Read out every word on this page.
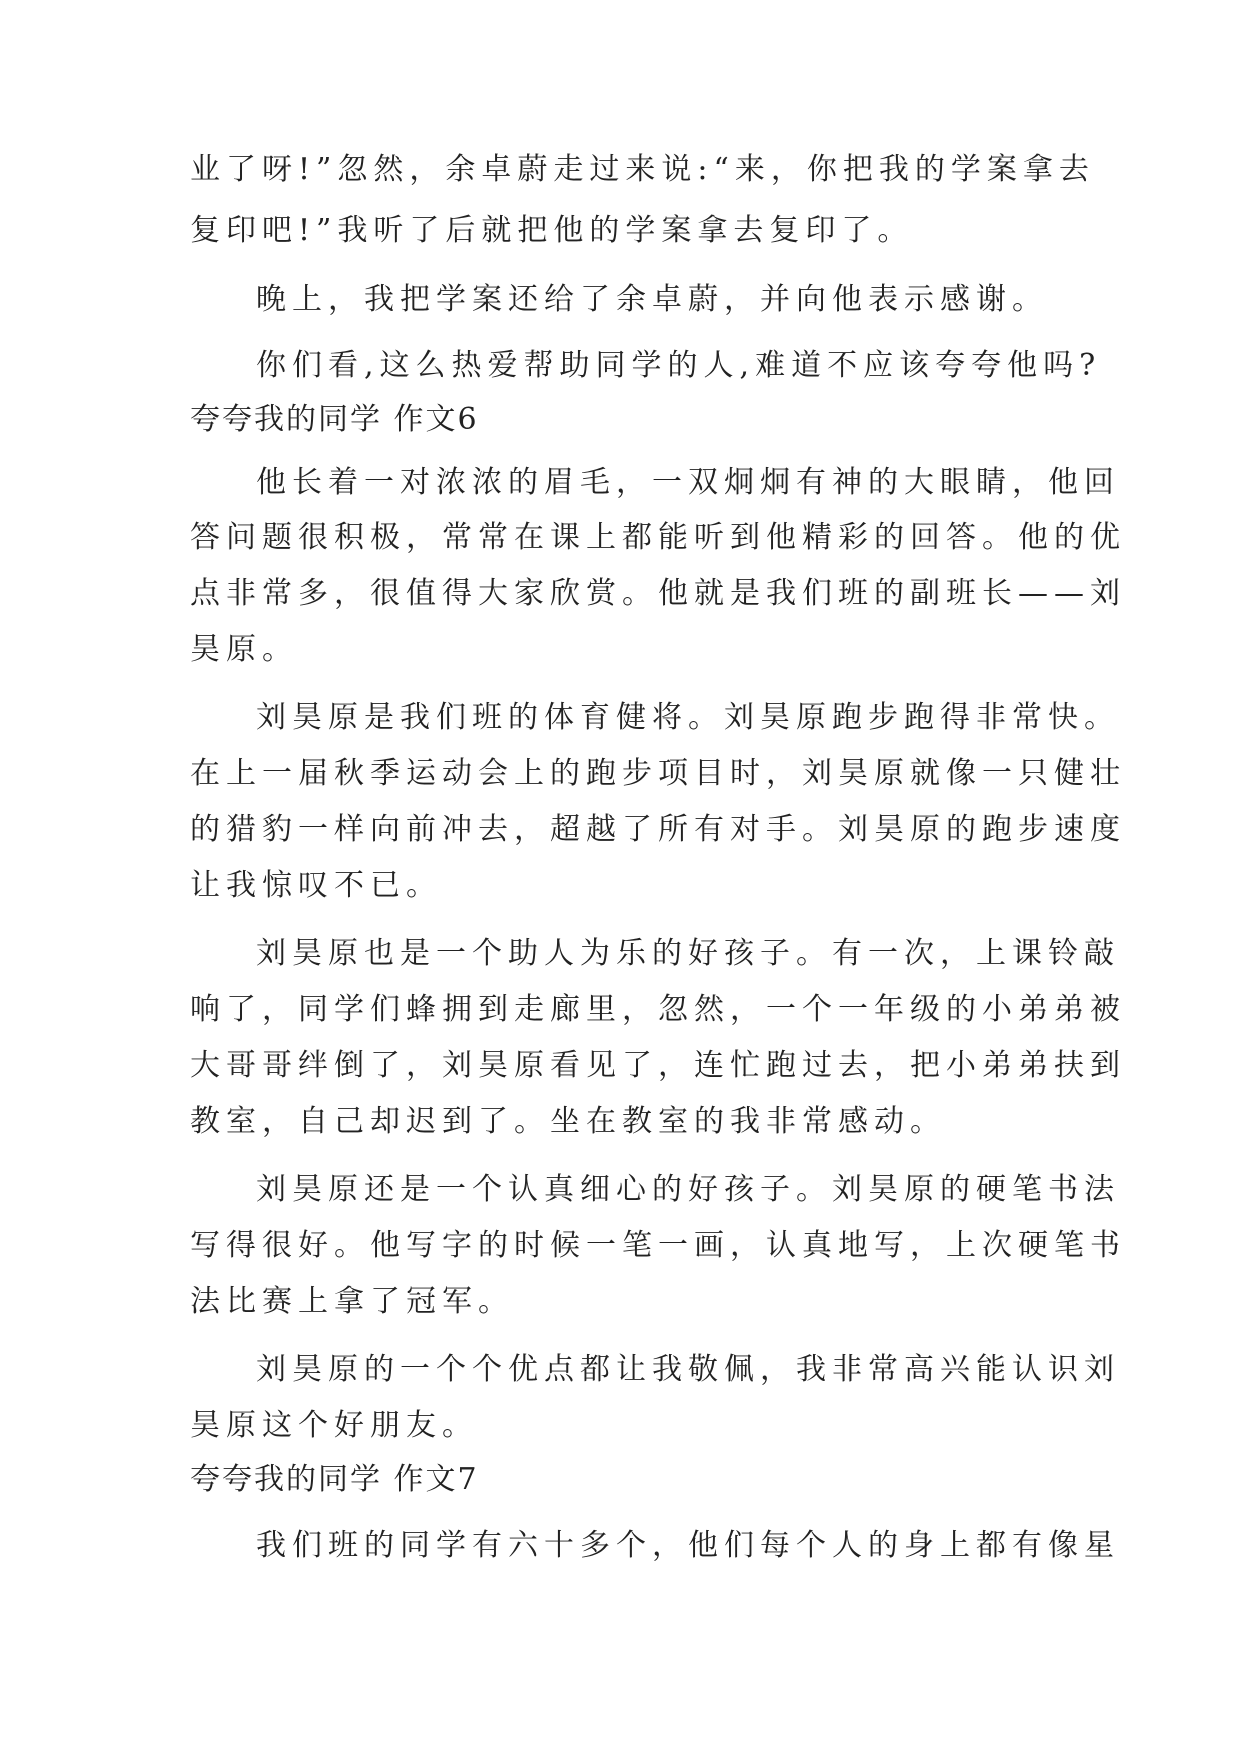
业了呀!”忽然，余卓蔚走过来说:“来，你把我的学案拿去
复印吧!”我听了后就把他的学案拿去复印了。
晚上，我把学案还给了余卓蔚，并向他表示感谢。
你们看,这么热爱帮助同学的人,难道不应该夸夸他吗?
夸夸我的同学 作文6
他长着一对浓浓的眉毛，一双炯炯有神的大眼睛，他回
答问题很积极，常常在课上都能听到他精彩的回答。他的优
点非常多，很值得大家欣赏。他就是我们班的副班长——刘
昊原。
刘昊原是我们班的体育健将。刘昊原跑步跑得非常快。
在上一届秋季运动会上的跑步项目时，刘昊原就像一只健壮
的猎豹一样向前冲去，超越了所有对手。刘昊原的跑步速度
让我惊叹不已。
刘昊原也是一个助人为乐的好孩子。有一次，上课铃敲
响了，同学们蜂拥到走廊里，忽然，一个一年级的小弟弟被
大哥哥绊倒了，刘昊原看见了，连忙跑过去，把小弟弟扶到
教室，自己却迟到了。坐在教室的我非常感动。
刘昊原还是一个认真细心的好孩子。刘昊原的硬笔书法
写得很好。他写字的时候一笔一画，认真地写，上次硬笔书
法比赛上拿了冠军。
刘昊原的一个个优点都让我敬佩，我非常高兴能认识刘
昊原这个好朋友。
夸夸我的同学 作文7
我们班的同学有六十多个，他们每个人的身上都有像星
